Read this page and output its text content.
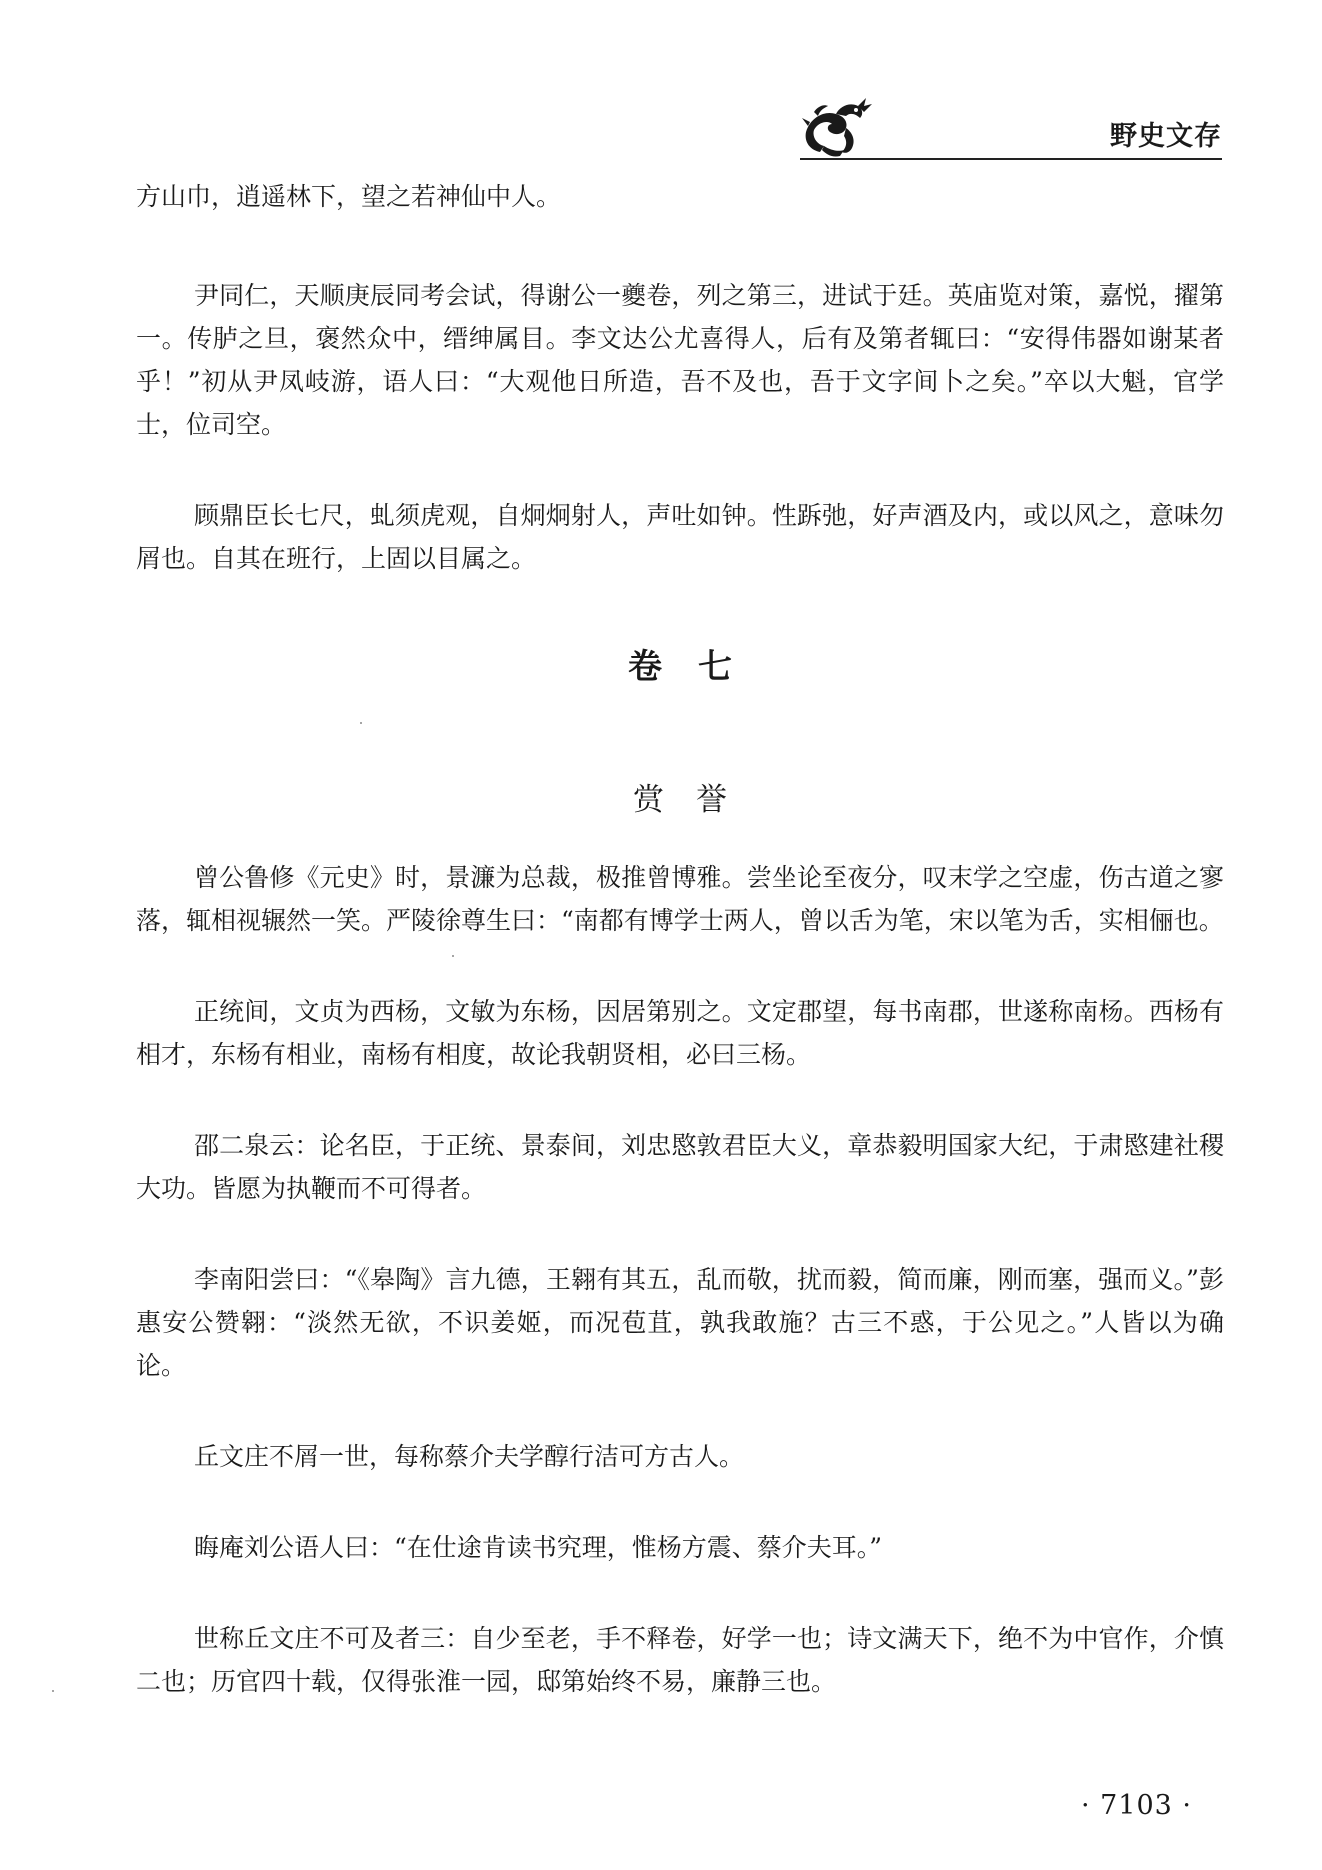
野史文存

方山巾，逍遥林下，望之若神仙中人。

尹同仁，天顺庚辰同考会试，得谢公一夔卷，列之第三，进试于廷。英庙览对策，嘉悦，擢第一。传胪之旦，褒然众中，缙绅属目。李文达公尤喜得人，后有及第者辄曰：“安得伟器如谢某者乎！”初从尹凤岐游，语人曰：“大观他日所造，吾不及也，吾于文字间卜之矣。”卒以大魁，官学士，位司空。

顾鼎臣长七尺，虬须虎观，自炯炯射人，声吐如钟。性跅弛，好声酒及内，或以风之，意味勿屑也。自其在班行，上固以目属之。

卷七
赏誉

曾公鲁修《元史》时，景濂为总裁，极推曾博雅。尝坐论至夜分，叹末学之空虚，伤古道之寥落，辄相视辗然一笑。严陵徐尊生曰：“南都有博学士两人，曾以舌为笔，宋以笔为舌，实相俪也。

正统间，文贞为西杨，文敏为东杨，因居第别之。文定郡望，每书南郡，世遂称南杨。西杨有相才，东杨有相业，南杨有相度，故论我朝贤相，必曰三杨。

邵二泉云：论名臣，于正统、景泰间，刘忠愍敦君臣大义，章恭毅明国家大纪，于肃愍建社稷大功。皆愿为执鞭而不可得者。

李南阳尝曰：“《皋陶》言九德，王翱有其五，乱而敬，扰而毅，简而廉，刚而塞，强而义。”彭惠安公赞翱：“淡然无欲，不识姜姬，而况苞苴，孰我敢施？古三不惑，于公见之。”人皆以为确论。

丘文庄不屑一世，每称蔡介夫学醇行洁可方古人。

晦庵刘公语人曰：“在仕途肯读书究理，惟杨方震、蔡介夫耳。”

世称丘文庄不可及者三：自少至老，手不释卷，好学一也；诗文满天下，绝不为中官作，介慎二也；历官四十载，仅得张淮一园，邸第始终不易，廉静三也。

· 7103 ·
